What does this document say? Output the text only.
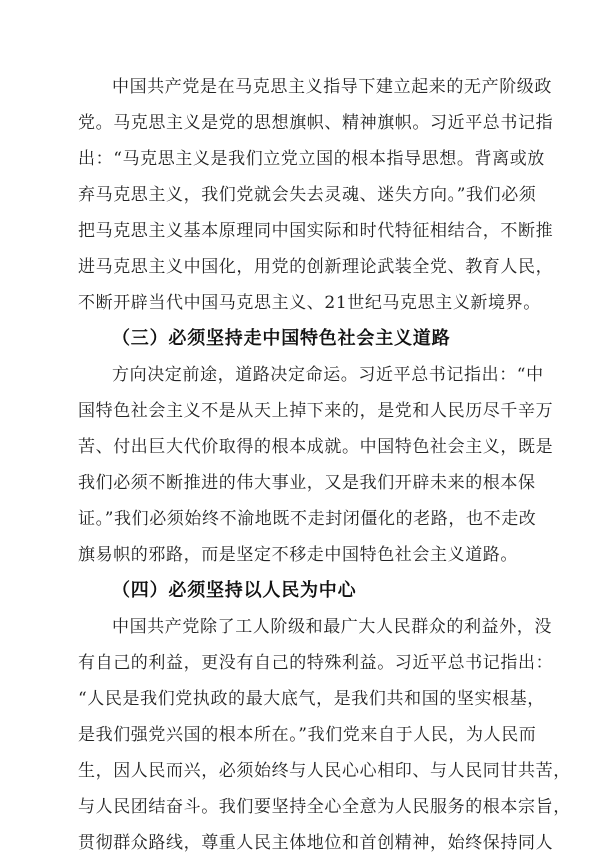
中国共产党是在马克思主义指导下建立起来的无产阶级政
党。马克思主义是党的思想旗帜、精神旗帜。习近平总书记指
出：“马克思主义是我们立党立国的根本指导思想。背离或放
弃马克思主义，我们党就会失去灵魂、迷失方向。”我们必须
把马克思主义基本原理同中国实际和时代特征相结合，不断推
进马克思主义中国化，用党的创新理论武装全党、教育人民，
不断开辟当代中国马克思主义、21世纪马克思主义新境界。
（三）必须坚持走中国特色社会主义道路
方向决定前途，道路决定命运。习近平总书记指出：“中
国特色社会主义不是从天上掉下来的，是党和人民历尽千辛万
苦、付出巨大代价取得的根本成就。中国特色社会主义，既是
我们必须不断推进的伟大事业，又是我们开辟未来的根本保
证。”我们必须始终不渝地既不走封闭僵化的老路，也不走改
旗易帜的邪路，而是坚定不移走中国特色社会主义道路。
（四）必须坚持以人民为中心
中国共产党除了工人阶级和最广大人民群众的利益外，没
有自己的利益，更没有自己的特殊利益。习近平总书记指出：
“人民是我们党执政的最大底气，是我们共和国的坚实根基，
是我们强党兴国的根本所在。”我们党来自于人民，为人民而
生，因人民而兴，必须始终与人民心心相印、与人民同甘共苦，
与人民团结奋斗。我们要坚持全心全意为人民服务的根本宗旨，
贯彻群众路线，尊重人民主体地位和首创精神，始终保持同人
